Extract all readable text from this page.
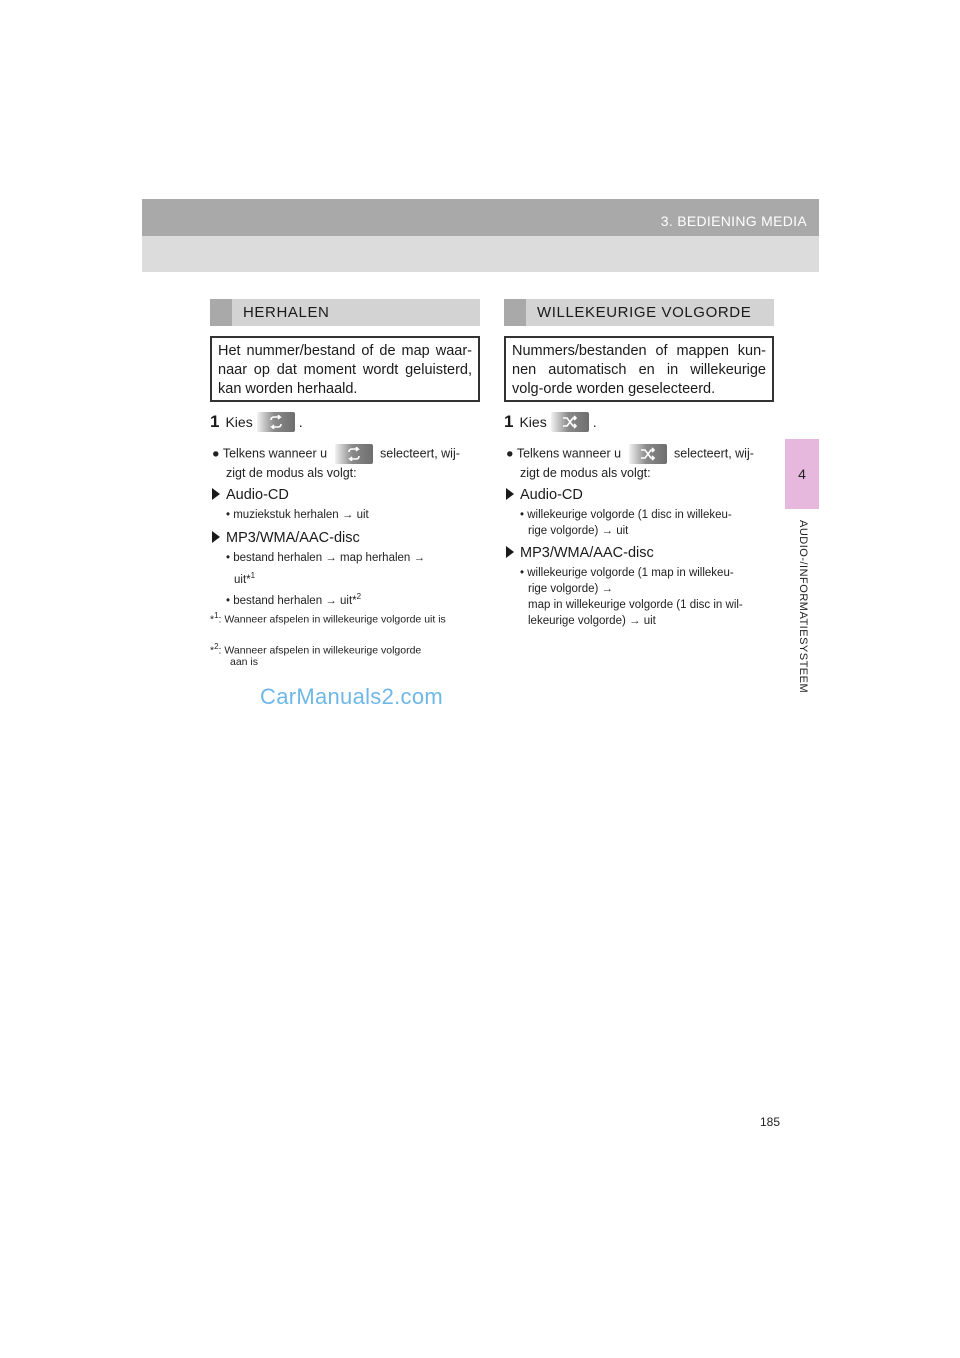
3. BEDIENING MEDIA
4
AUDIO-/INFORMATIESYSTEEM
HERHALEN
Het nummer/bestand of de map waar-naar op dat moment wordt geluisterd, kan worden herhaald.
1 Kies	.
● Telkens wanneer u	selecteert, wij-
zigt de modus als volgt:
Audio-CD
• muziekstuk herhalen → uit
MP3/WMA/AAC-disc
• bestand herhalen → map herhalen →
uit*$^1$
• bestand herhalen → uit*$^2$
*$^1$: Wanneer afspelen in willekeurige volgorde uit is
*$^2$: Wanneer afspelen in willekeurige volgorde
aan is
WILLEKEURIGE VOLGORDE
Nummers/bestanden of mappen kun-nen automatisch en in willekeurige volg-orde worden geselecteerd.
1 Kies	.
● Telkens wanneer u	selecteert, wij-
zigt de modus als volgt:
Audio-CD
• willekeurige volgorde (1 disc in willekeu-
rige volgorde) → uit
MP3/WMA/AAC-disc
• willekeurige volgorde (1 map in willekeu-
rige volgorde) →
map in willekeurige volgorde (1 disc in wil-
lekeurige volgorde) → uit
CarManuals2.com
185
